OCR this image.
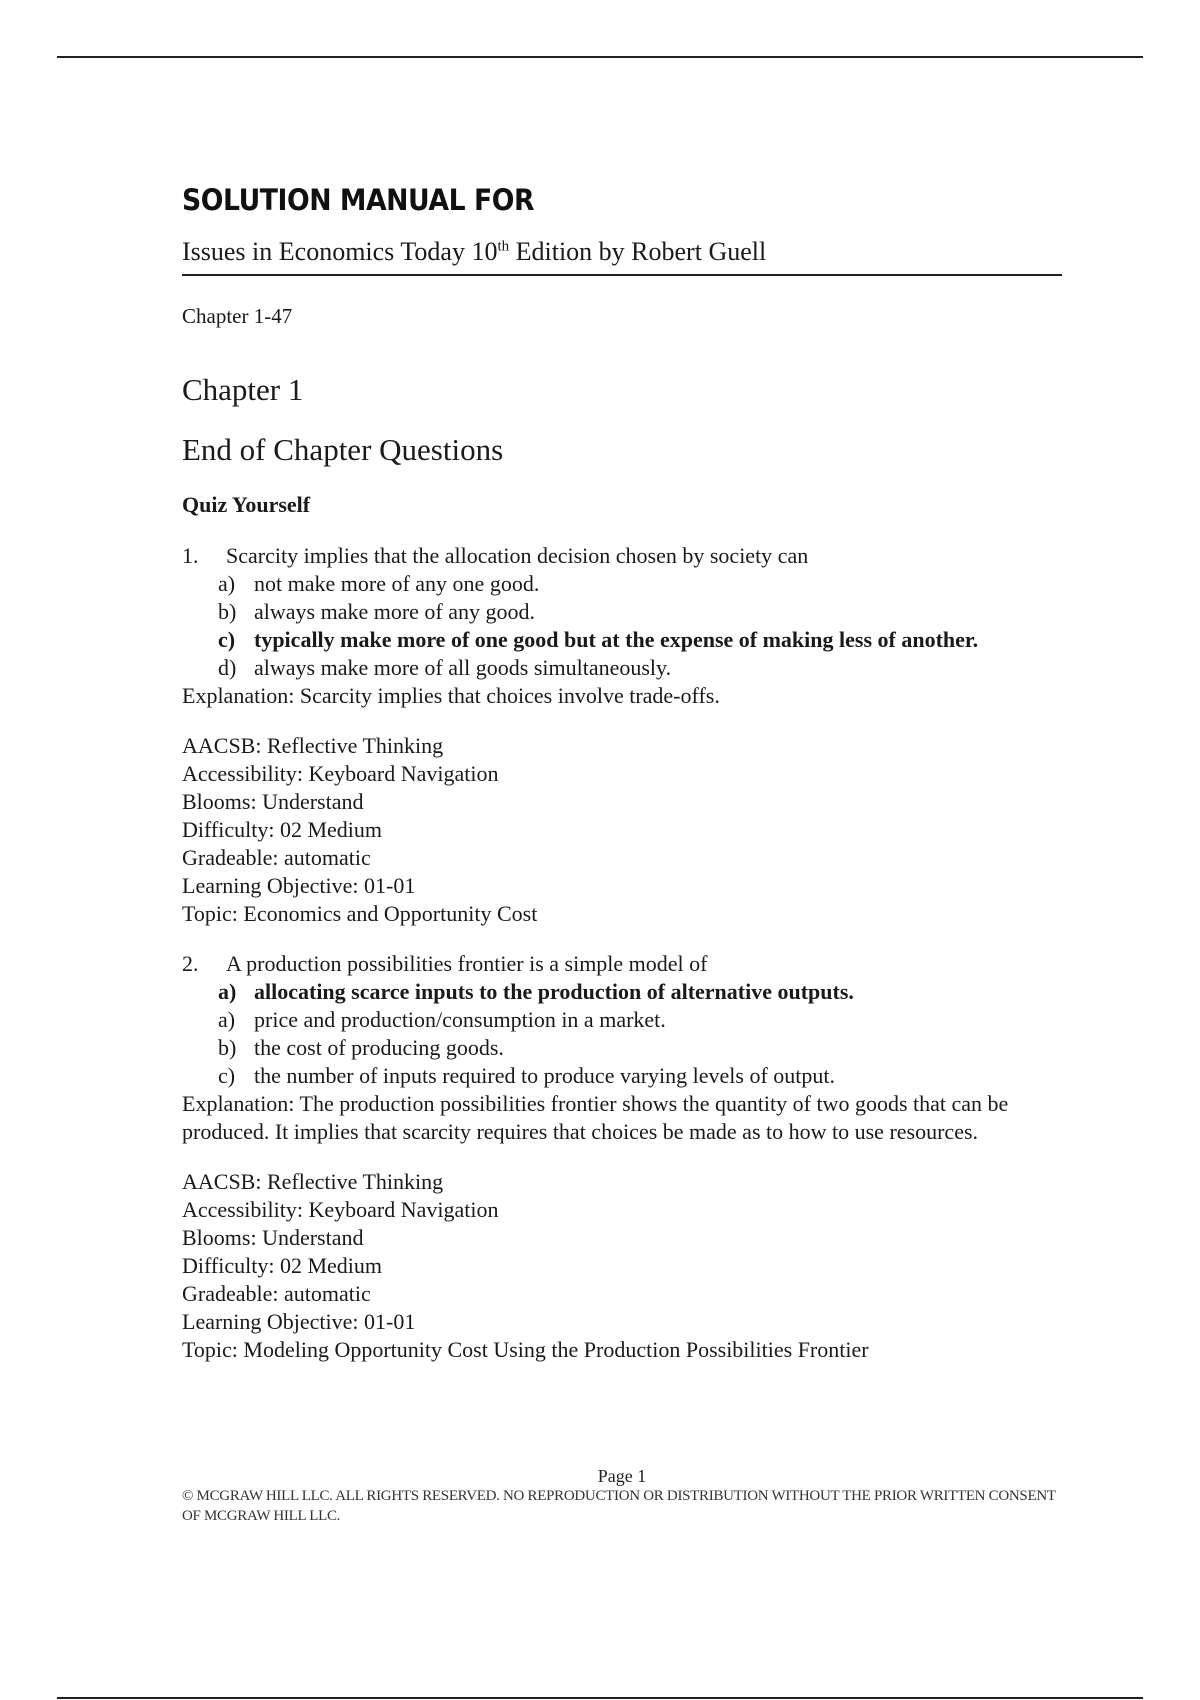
SOLUTION MANUAL FOR
Issues in Economics Today 10th Edition by Robert Guell
Chapter 1-47
Chapter 1
End of Chapter Questions
Quiz Yourself
1.	Scarcity implies that the allocation decision chosen by society can
a) not make more of any one good.
b) always make more of any good.
c) typically make more of one good but at the expense of making less of another.
d) always make more of all goods simultaneously.

Explanation: Scarcity implies that choices involve trade-offs.

AACSB: Reflective Thinking
Accessibility: Keyboard Navigation
Blooms: Understand
Difficulty: 02 Medium
Gradeable: automatic
Learning Objective: 01-01
Topic: Economics and Opportunity Cost
2.	A production possibilities frontier is a simple model of
a) allocating scarce inputs to the production of alternative outputs.
a) price and production/consumption in a market.
b) the cost of producing goods.
c) the number of inputs required to produce varying levels of output.

Explanation: The production possibilities frontier shows the quantity of two goods that can be produced. It implies that scarcity requires that choices be made as to how to use resources.

AACSB: Reflective Thinking
Accessibility: Keyboard Navigation
Blooms: Understand
Difficulty: 02 Medium
Gradeable: automatic
Learning Objective: 01-01
Topic: Modeling Opportunity Cost Using the Production Possibilities Frontier
Page 1
© MCGRAW HILL LLC. ALL RIGHTS RESERVED. NO REPRODUCTION OR DISTRIBUTION WITHOUT THE PRIOR WRITTEN CONSENT OF MCGRAW HILL LLC.
